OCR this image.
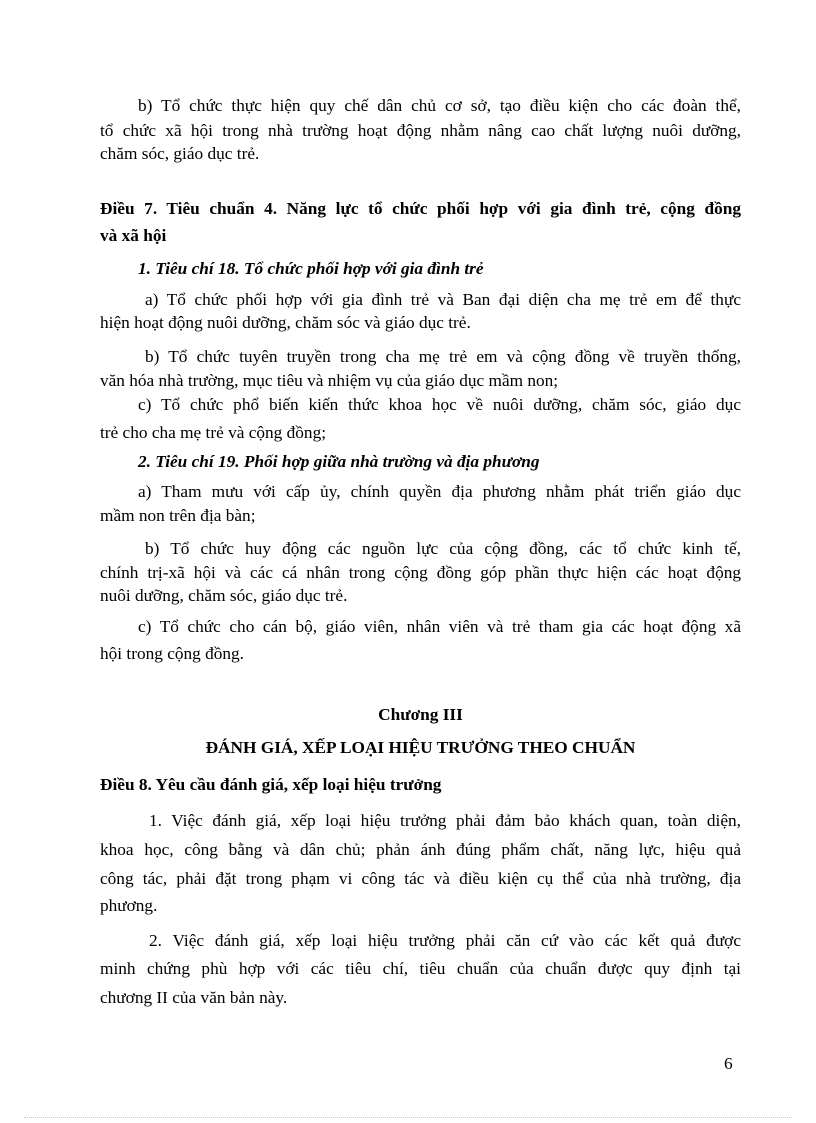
b) Tổ chức thực hiện quy chế dân chủ cơ sở, tạo điều kiện cho các đoàn thể,
tổ chức xã hội trong nhà trường hoạt động nhằm nâng cao chất lượng nuôi dưỡng,
chăm sóc, giáo dục trẻ.
Điều 7. Tiêu chuẩn 4. Năng lực tổ chức phối hợp với gia đình trẻ, cộng đồng
và xã hội
1. Tiêu chí 18. Tổ chức phối hợp với gia đình trẻ
a) Tổ chức phối hợp với gia đình trẻ và Ban đại diện cha mẹ trẻ em để thực
hiện hoạt động nuôi dưỡng, chăm sóc và giáo dục trẻ.
b) Tổ chức tuyên truyền trong cha mẹ trẻ em và cộng đồng về truyền thống,
văn hóa nhà trường, mục tiêu và nhiệm vụ của giáo dục mầm non;
c) Tổ chức phổ biến kiến thức khoa học về nuôi dưỡng, chăm sóc, giáo dục
trẻ cho cha mẹ trẻ và cộng đồng;
2. Tiêu chí 19. Phối hợp giữa nhà trường và địa phương
a) Tham mưu với cấp ủy, chính quyền địa phương nhằm phát triển giáo dục
mầm non trên địa bàn;
b) Tổ chức huy động các nguồn lực của cộng đồng, các tổ chức kinh tế,
chính trị-xã hội và các cá nhân trong cộng đồng góp phần thực hiện các hoạt động
nuôi dưỡng, chăm sóc, giáo dục trẻ.
c) Tổ chức cho cán bộ, giáo viên, nhân viên và trẻ tham gia các hoạt động xã
hội trong cộng đồng.
Chương III
ĐÁNH GIÁ, XẾP LOẠI HIỆU TRƯỞNG THEO CHUẨN
Điều 8. Yêu cầu đánh giá, xếp loại hiệu trưởng
1. Việc đánh giá, xếp loại hiệu trưởng phải đảm bảo khách quan, toàn diện,
khoa học, công bằng và dân chủ; phản ánh đúng phẩm chất, năng lực, hiệu quả
công tác, phải đặt trong phạm vi công tác và điều kiện cụ thể của nhà trường, địa
phương.
2. Việc đánh giá, xếp loại hiệu trưởng phải căn cứ vào các kết quả được
minh chứng phù hợp với các tiêu chí, tiêu chuẩn của chuẩn được quy định tại
chương II của văn bản này.
6
